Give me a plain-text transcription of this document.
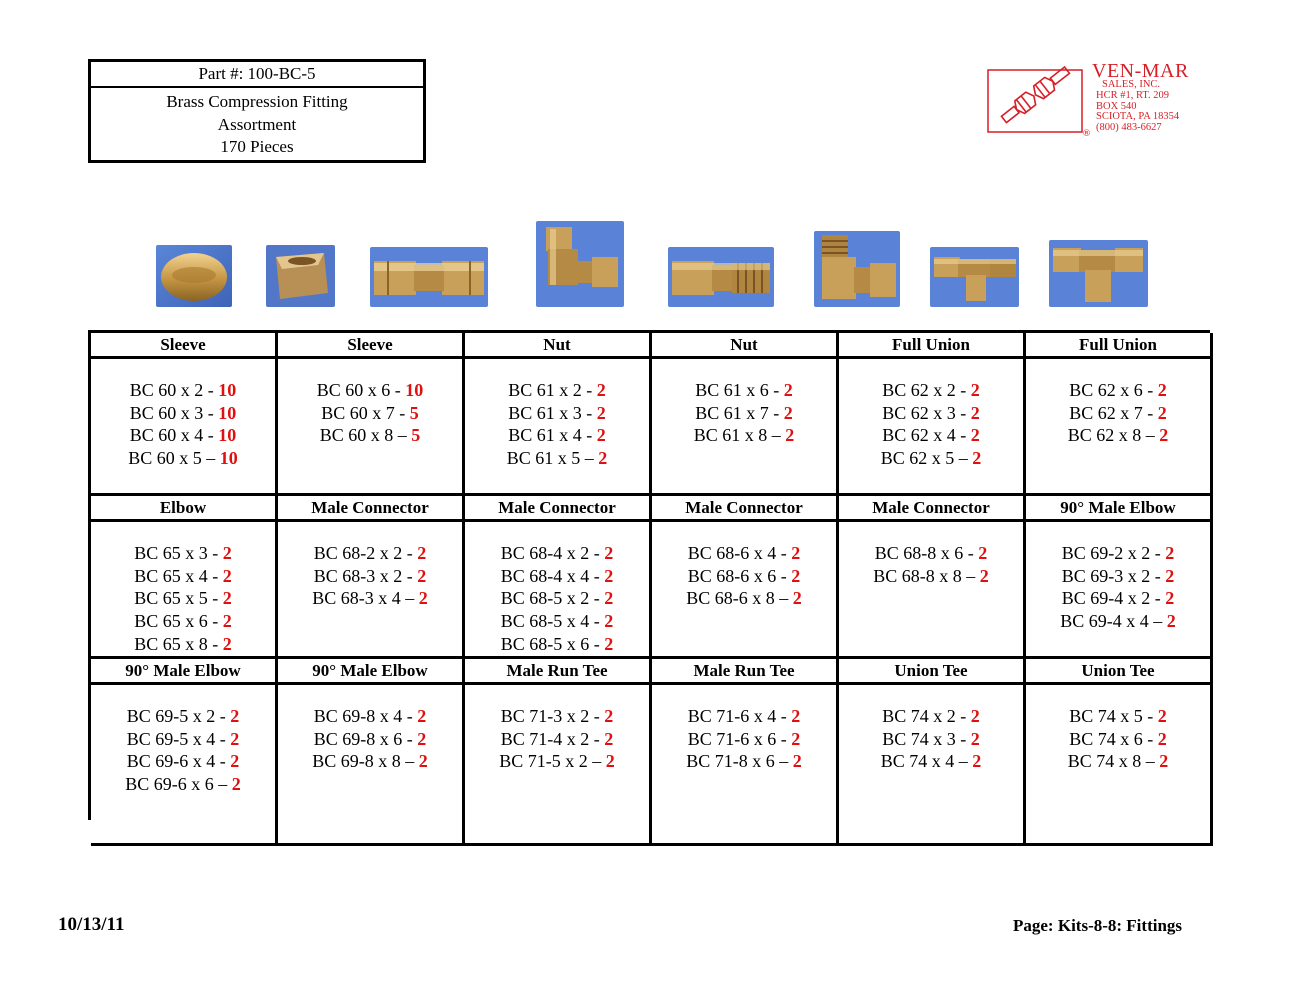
Part #: 100-BC-5
Brass Compression Fitting
Assortment
170 Pieces
®
VEN-MAR
SALES, INC.
HCR #1, RT. 209
BOX 540
SCIOTA, PA 18354
(800) 483-6627
Sleeve
BC 60 x 2 - 10
BC 60 x 3 - 10
BC 60 x 4 - 10
BC 60 x 5 – 10
Sleeve
BC 60 x 6 - 10
BC 60 x 7 - 5
BC 60 x 8 – 5
Nut
BC 61 x 2 - 2
BC 61 x 3 - 2
BC 61 x 4 - 2
BC 61 x 5 – 2
Nut
BC 61 x 6 - 2
BC 61 x 7 - 2
BC 61 x 8 – 2
Full Union
BC 62 x 2 - 2
BC 62 x 3 - 2
BC 62 x 4 - 2
BC 62 x 5 – 2
Full Union
BC 62 x 6 - 2
BC 62 x 7 - 2
BC 62 x 8 – 2
Elbow
BC 65 x 3 - 2
BC 65 x 4 - 2
BC 65 x 5 - 2
BC 65 x 6 - 2
BC 65 x 8 - 2
Male Connector
BC 68-2 x 2 - 2
BC 68-3 x 2 - 2
BC 68-3 x 4 – 2
Male Connector
BC 68-4 x 2 - 2
BC 68-4 x 4 - 2
BC 68-5 x 2 - 2
BC 68-5 x 4 - 2
BC 68-5 x 6 - 2
Male Connector
BC 68-6 x 4 - 2
BC 68-6 x 6 - 2
BC 68-6 x 8 – 2
Male Connector
BC 68-8 x 6 - 2
BC 68-8 x 8 – 2
90° Male Elbow
BC 69-2 x 2 - 2
BC 69-3 x 2 - 2
BC 69-4 x 2 - 2
BC 69-4 x 4 – 2
90° Male Elbow
BC 69-5 x 2 - 2
BC 69-5 x 4 - 2
BC 69-6 x 4 - 2
BC 69-6 x 6 – 2
90° Male Elbow
BC 69-8 x 4 - 2
BC 69-8 x 6 - 2
BC 69-8 x 8 – 2
Male Run Tee
BC 71-3 x 2 - 2
BC 71-4 x 2 - 2
BC 71-5 x 2 – 2
Male Run Tee
BC 71-6 x 4 - 2
BC 71-6 x 6 - 2
BC 71-8 x 6 – 2
Union Tee
BC 74 x 2 - 2
BC 74 x 3 - 2
BC 74 x 4 – 2
Union Tee
BC 74 x 5 - 2
BC 74 x 6 - 2
BC 74 x 8 – 2
10/13/11	Page: Kits-8-8: Fittings
